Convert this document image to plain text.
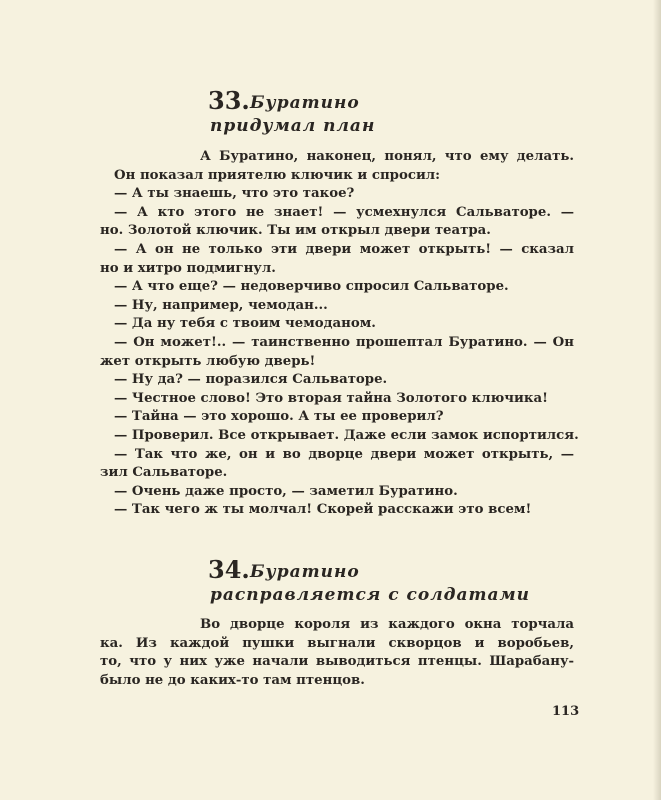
33. Буратино
придумал план
А Буратино, наконец, понял, что ему делать.
Он показал приятелю ключик и спросил:
— А ты знаешь, что это такое?
— А кто этого не знает! — усмехнулся Сальваторе. —
но. Золотой ключик. Ты им открыл двери театра.
— А он не только эти двери может открыть! — сказал
но и хитро подмигнул.
— А что еще? — недоверчиво спросил Сальваторе.
— Ну, например, чемодан...
— Да ну тебя с твоим чемоданом.
— Он может!.. — таинственно прошептал Буратино. — Он
жет открыть любую дверь!
— Ну да? — поразился Сальваторе.
— Честное слово! Это вторая тайна Золотого ключика!
— Тайна — это хорошо. А ты ее проверил?
— Проверил. Все открывает. Даже если замок испортился.
— Так что же, он и во дворце двери может открыть, —
зил Сальваторе.
— Очень даже просто, — заметил Буратино.
— Так чего ж ты молчал! Скорей расскажи это всем!
34. Буратино
расправляется с солдатами
Во дворце короля из каждого окна торчала
ка. Из каждой пушки выгнали скворцов и воробьев,
то, что у них уже начали выводиться птенцы. Шарабану-
было не до каких-то там птенцов.
113
